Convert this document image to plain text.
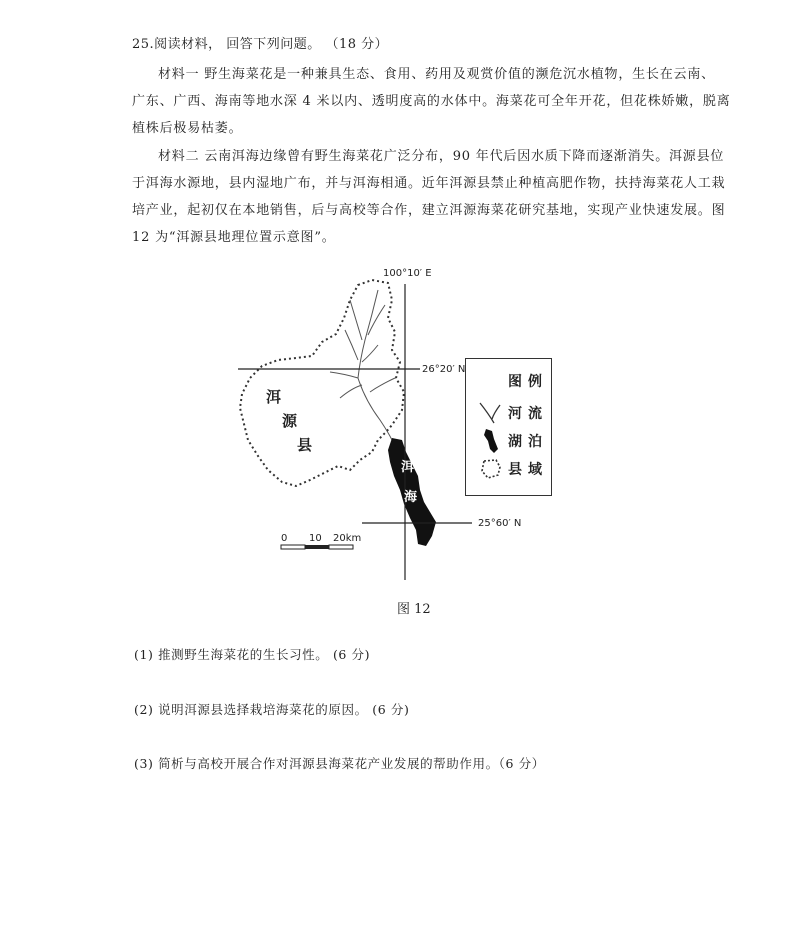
25.阅读材料， 回答下列问题。 （18 分）
材料一 野生海菜花是一种兼具生态、食用、药用及观赏价值的濒危沉水植物，生长在云南、
广东、广西、海南等地水深 4 米以内、透明度高的水体中。海菜花可全年开花，但花株娇嫩，脱离
植株后极易枯萎。
材料二 云南洱海边缘曾有野生海菜花广泛分布，90 年代后因水质下降而逐渐消失。洱源县位
于洱海水源地，县内湿地广布，并与洱海相通。近年洱源县禁止种植高肥作物，扶持海菜花人工栽
培产业，起初仅在本地销售，后与高校等合作，建立洱源海菜花研究基地，实现产业快速发展。图
12 为“洱源县地理位置示意图”。
100°10′ E
26°20′ N
25°60′ N
洱
源
县
洱
海
0 10 20km
图 例
河 流
湖 泊
县 域
图 12
(1) 推测野生海菜花的生长习性。 (6 分)
(2) 说明洱源县选择栽培海菜花的原因。 (6 分)
(3) 简析与高校开展合作对洱源县海菜花产业发展的帮助作用。（6 分）
